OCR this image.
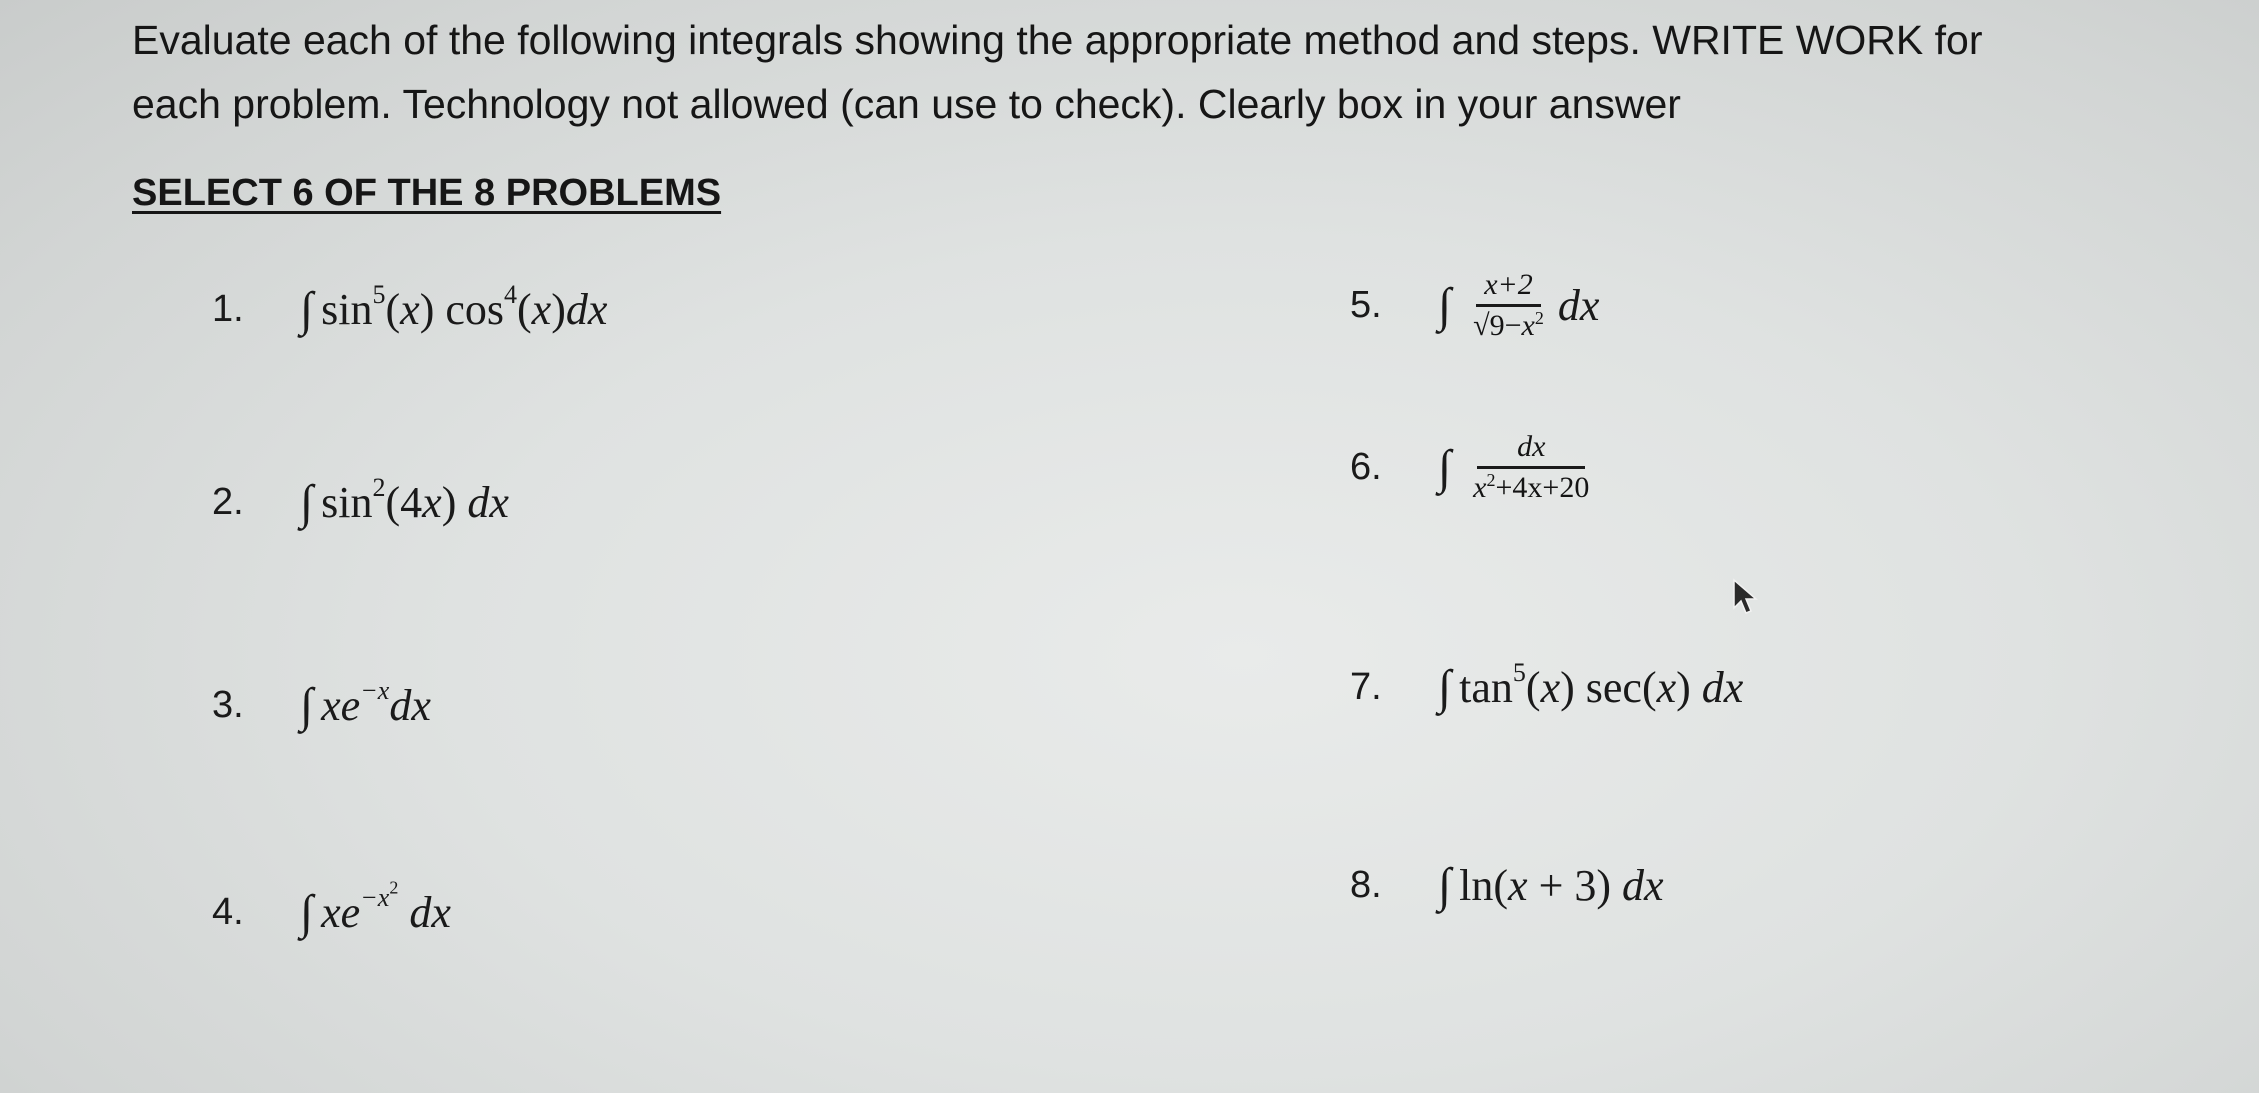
Evaluate each of the following integrals showing the appropriate method and steps. WRITE WORK for
each problem. Technology not allowed (can use to check). Clearly box in your answer
SELECT 6 OF THE 8 PROBLEMS
1.	∫ $\sin^5(x)$ $\cos^4(x)dx$
2.	∫ $\sin^2(4x)$ dx
3.	∫ $xe^{-x}dx$
4.	∫ $xe^{-x^2}$ dx
5.	∫ $\frac{x+2}{√9-x^2}$ dx
6.	∫ $\frac{dx}{x^2+4x+20}$
7.	∫ $\tan^5(x)$ sec(x) dx
8.	∫ ln(x + 3) dx
